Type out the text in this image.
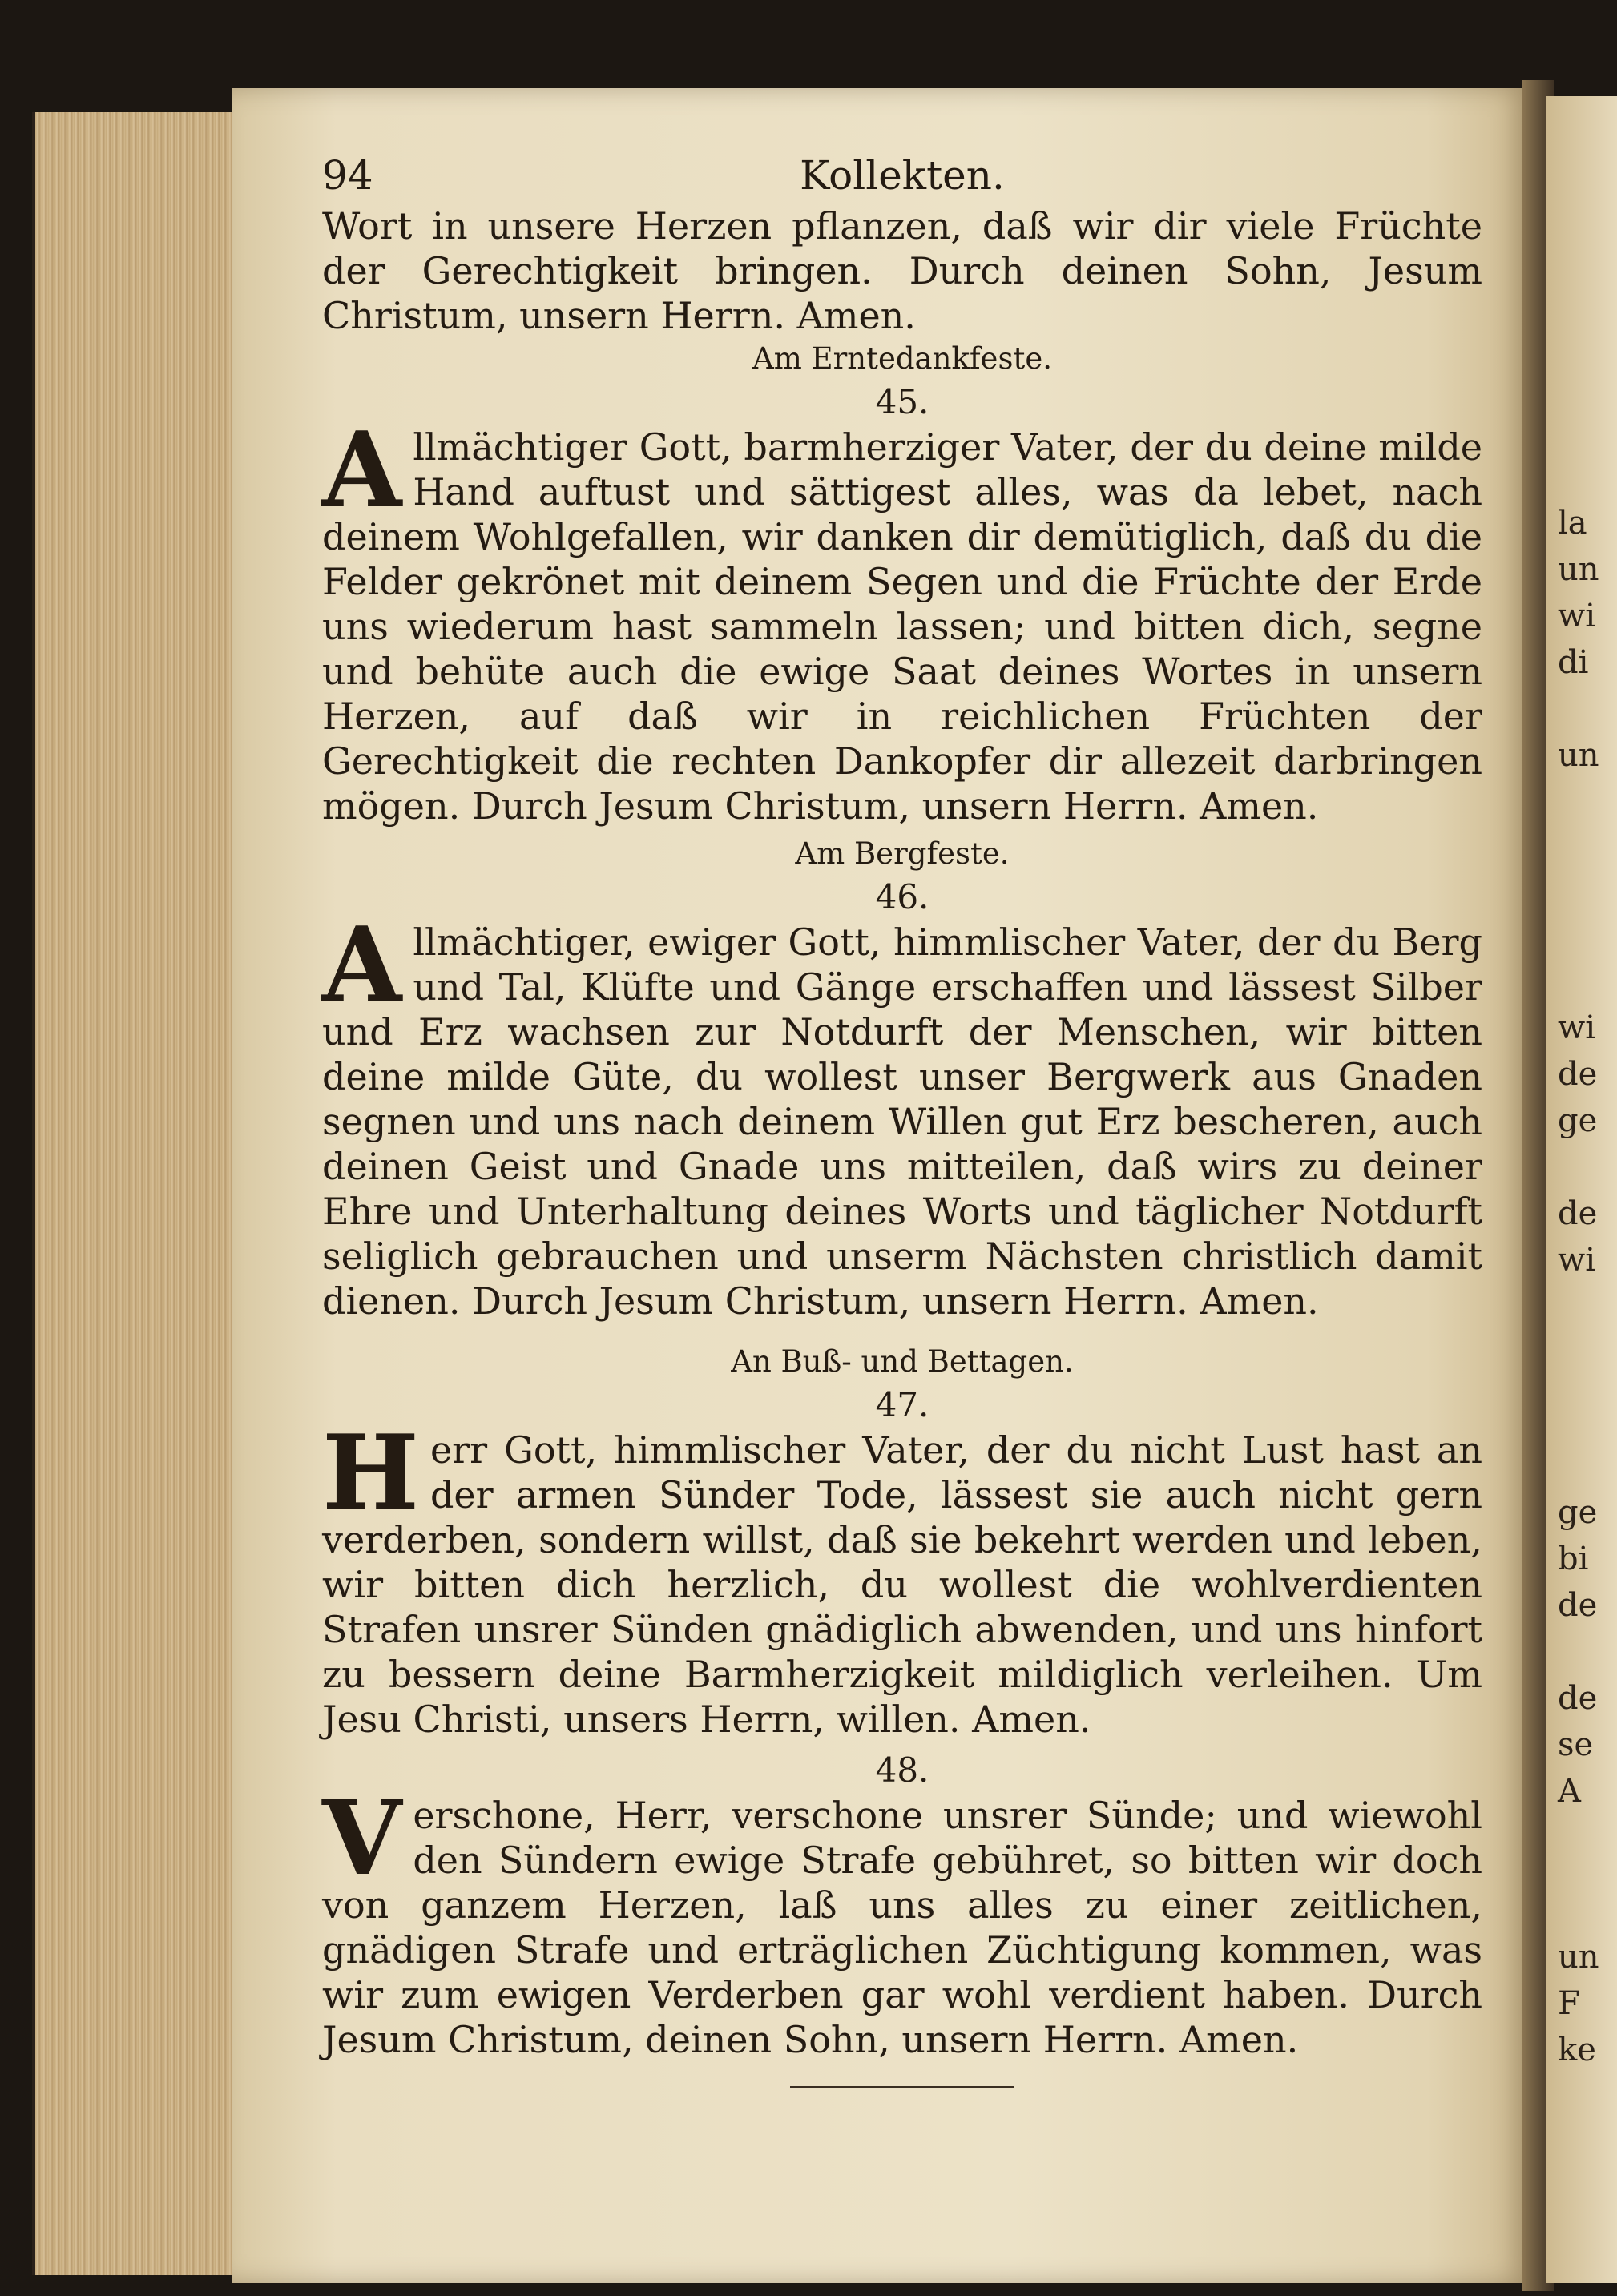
la
un
wi
di
un
wi
de
ge
de
wi
ge
bi
de
de
se
A
un
F
ke
94	Kollekten.

Wort in unsere Herzen pflanzen, daß wir dir viele Früchte der Gerechtigkeit bringen. Durch deinen Sohn, Jesum Christum, unsern Herrn. Amen.

Am Erntedankfeste.

45.

Allmächtiger Gott, barmherziger Vater, der du deine milde Hand auftust und sättigest alles, was da lebet, nach deinem Wohlgefallen, wir danken dir demütiglich, daß du die Felder gekrönet mit deinem Segen und die Früchte der Erde uns wiederum hast sammeln lassen; und bitten dich, segne und behüte auch die ewige Saat deines Wortes in unsern Herzen, auf daß wir in reichlichen Früchten der Gerechtigkeit die rechten Dankopfer dir allezeit darbringen mögen. Durch Jesum Christum, unsern Herrn. Amen.

Am Bergfeste.

46.

Allmächtiger, ewiger Gott, himmlischer Vater, der du Berg und Tal, Klüfte und Gänge erschaffen und lässest Silber und Erz wachsen zur Notdurft der Menschen, wir bitten deine milde Güte, du wollest unser Bergwerk aus Gnaden segnen und uns nach deinem Willen gut Erz bescheren, auch deinen Geist und Gnade uns mitteilen, daß wirs zu deiner Ehre und Unterhaltung deines Worts und täglicher Notdurft seliglich gebrauchen und unserm Nächsten christlich damit dienen. Durch Jesum Christum, unsern Herrn. Amen.

An Buß- und Bettagen.

47.

Herr Gott, himmlischer Vater, der du nicht Lust hast an der armen Sünder Tode, lässest sie auch nicht gern verderben, sondern willst, daß sie bekehrt werden und leben, wir bitten dich herzlich, du wollest die wohlverdienten Strafen unsrer Sünden gnädiglich abwenden, und uns hinfort zu bessern deine Barmherzigkeit mildiglich verleihen. Um Jesu Christi, unsers Herrn, willen. Amen.

48.

Verschone, Herr, verschone unsrer Sünde; und wiewohl den Sündern ewige Strafe gebühret, so bitten wir doch von ganzem Herzen, laß uns alles zu einer zeitlichen, gnädigen Strafe und erträglichen Züchtigung kommen, was wir zum ewigen Verderben gar wohl verdient haben. Durch Jesum Christum, deinen Sohn, unsern Herrn. Amen.
